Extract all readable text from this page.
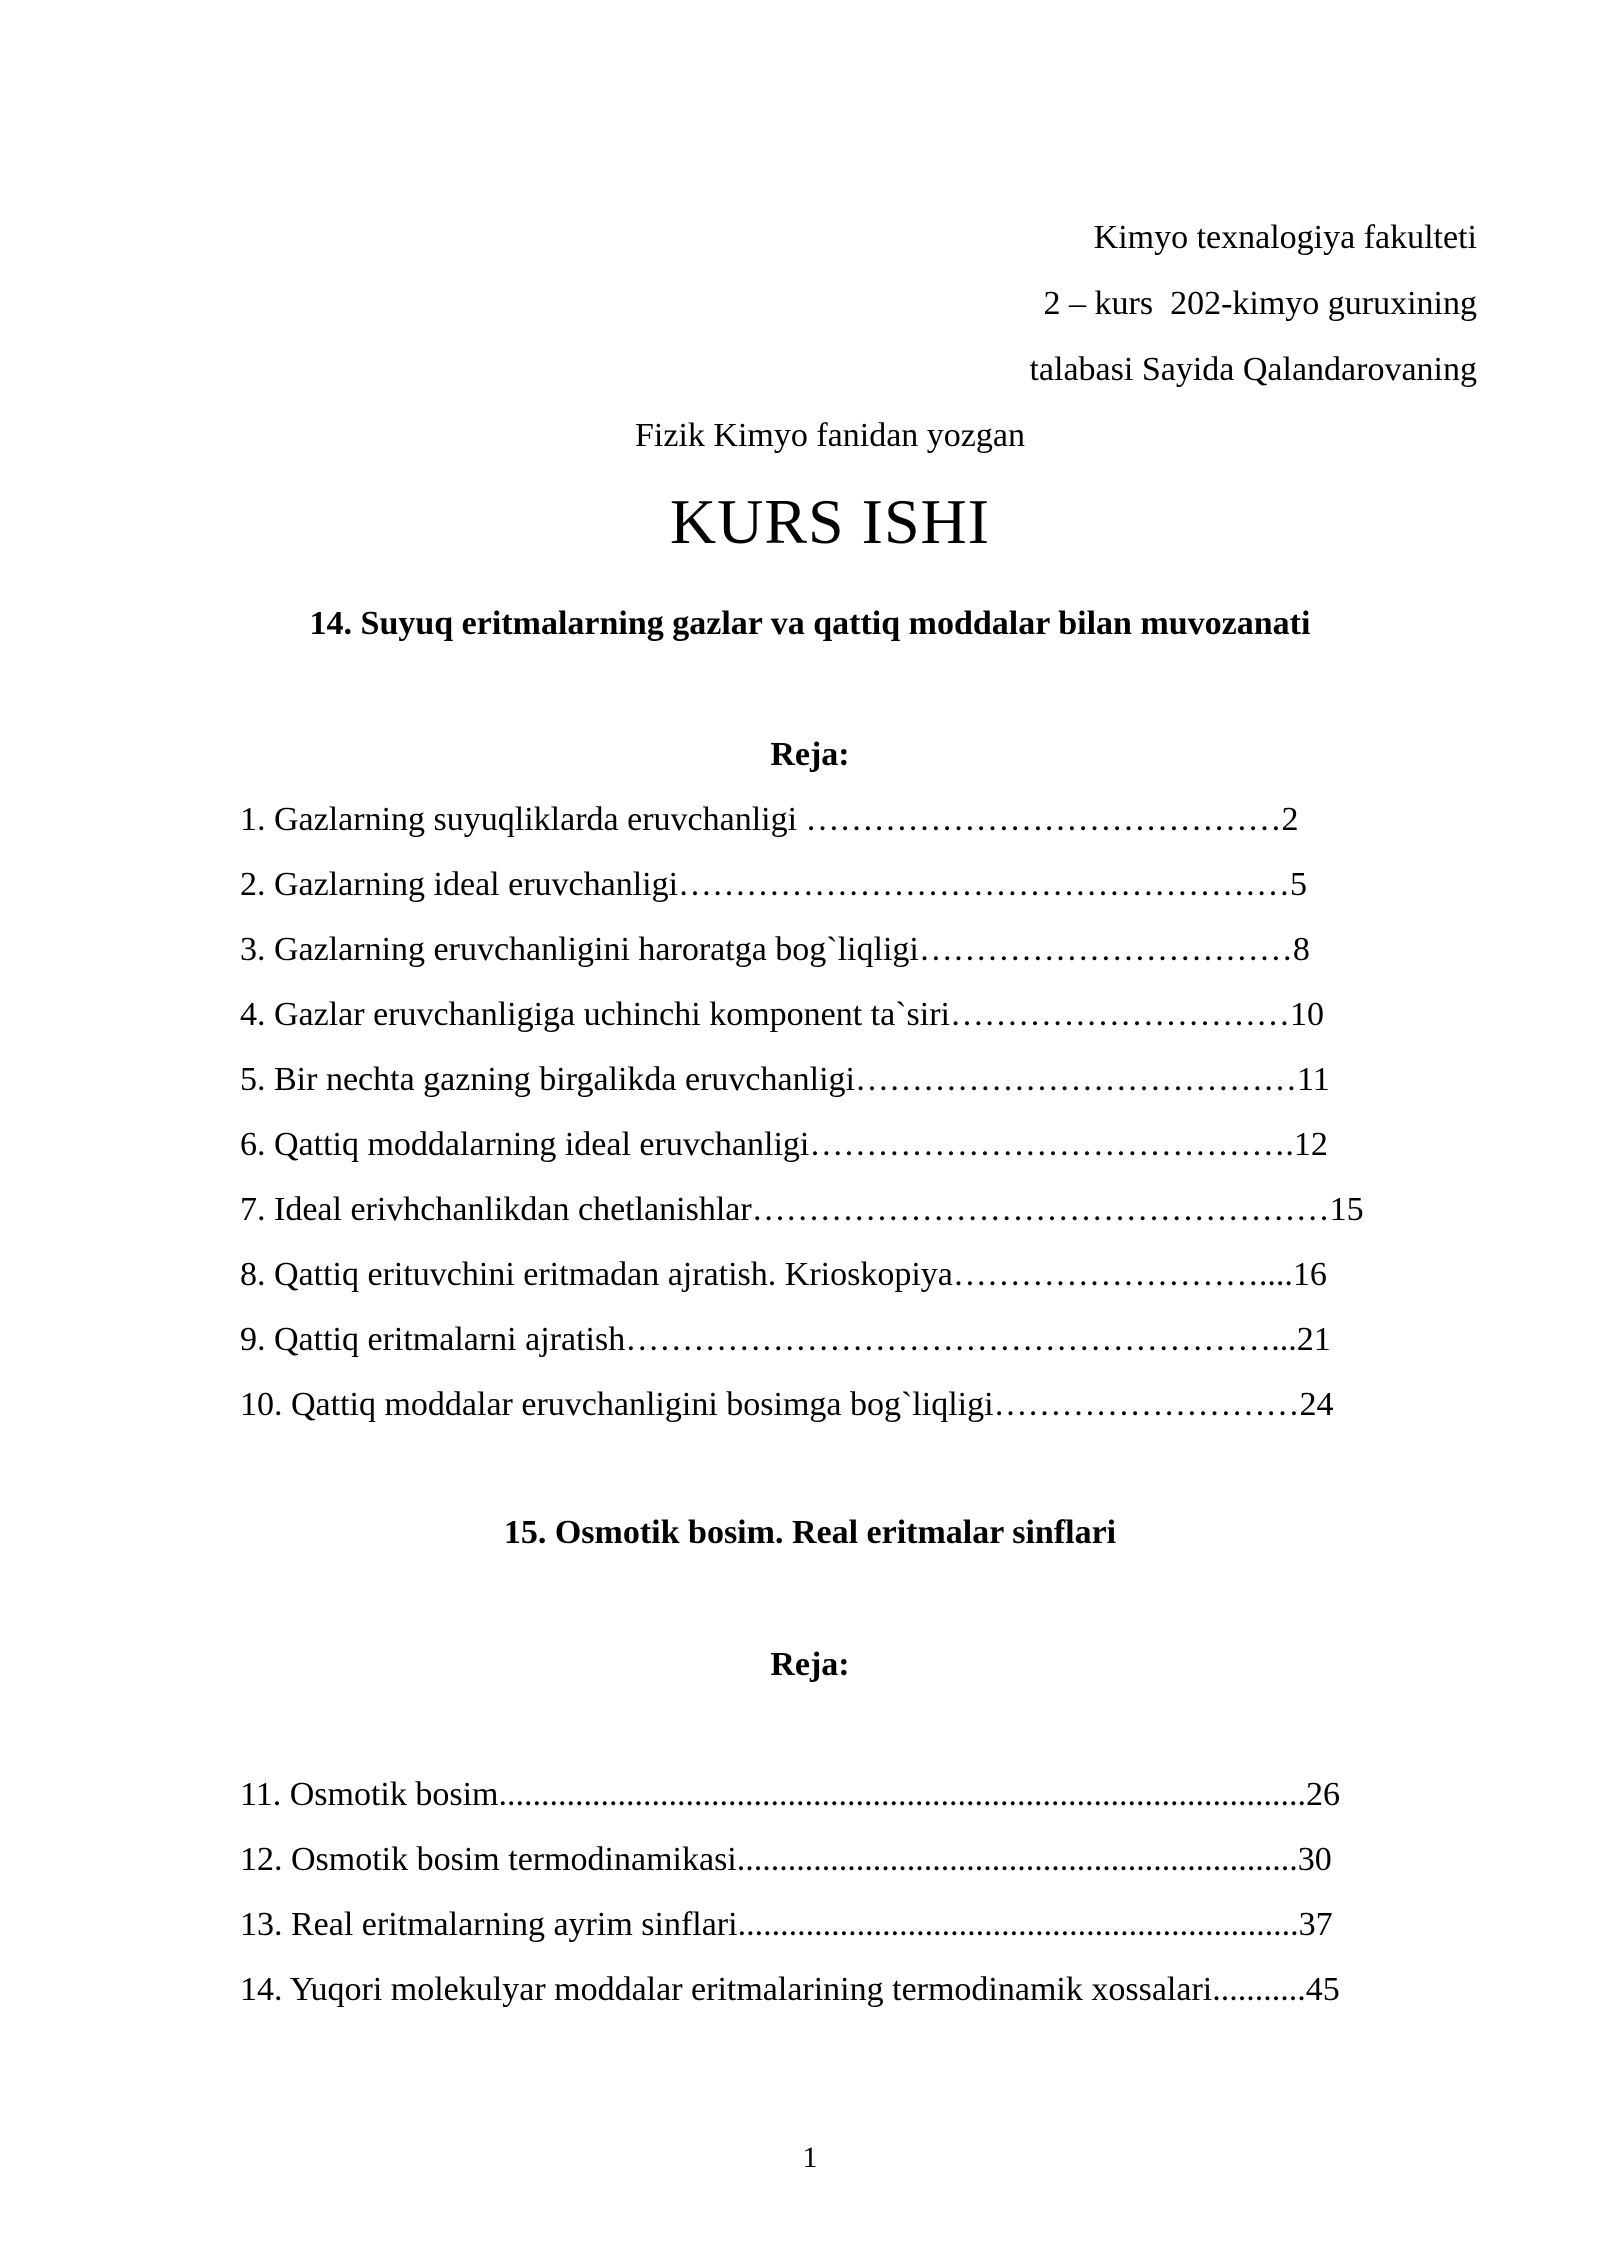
Kimyo texnalogiya fakulteti
2 – kurs  202-kimyo guruxining
talabasi Sayida Qalandarovaning
Fizik Kimyo fanidan yozgan
KURS ISHI
14. Suyuq eritmalarning gazlar va qattiq moddalar bilan muvozanati
Reja:
1. Gazlarning suyuqliklarda eruvchanligi ……………………………………2
2. Gazlarning ideal eruvchanligi………………………………………………5
3. Gazlarning eruvchanligini haroratga bog`liqligi……………………………8
4. Gazlar eruvchanligiga uchinchi komponent ta`siri…………………………10
5. Bir nechta gazning birgalikda eruvchanligi…………………………………11
6. Qattiq moddalarning ideal eruvchanligi…………………………………….12
7. Ideal erivhchanlikdan chetlanishlar……………………………………………15
8. Qattiq erituvchini eritmadan ajratish. Krioskopiya………………………....16
9. Qattiq eritmalarni ajratish…………………………………………………...21
10. Qattiq moddalar eruvchanligini bosimga bog`liqligi………………………24
15. Osmotik bosim. Real eritmalar sinflari
Reja:
11. Osmotik bosim...............................................................................................26
12. Osmotik bosim termodinamikasi..................................................................30
13. Real eritmalarning ayrim sinflari..................................................................37
14. Yuqori molekulyar moddalar eritmalarining termodinamik xossalari...........45
1
